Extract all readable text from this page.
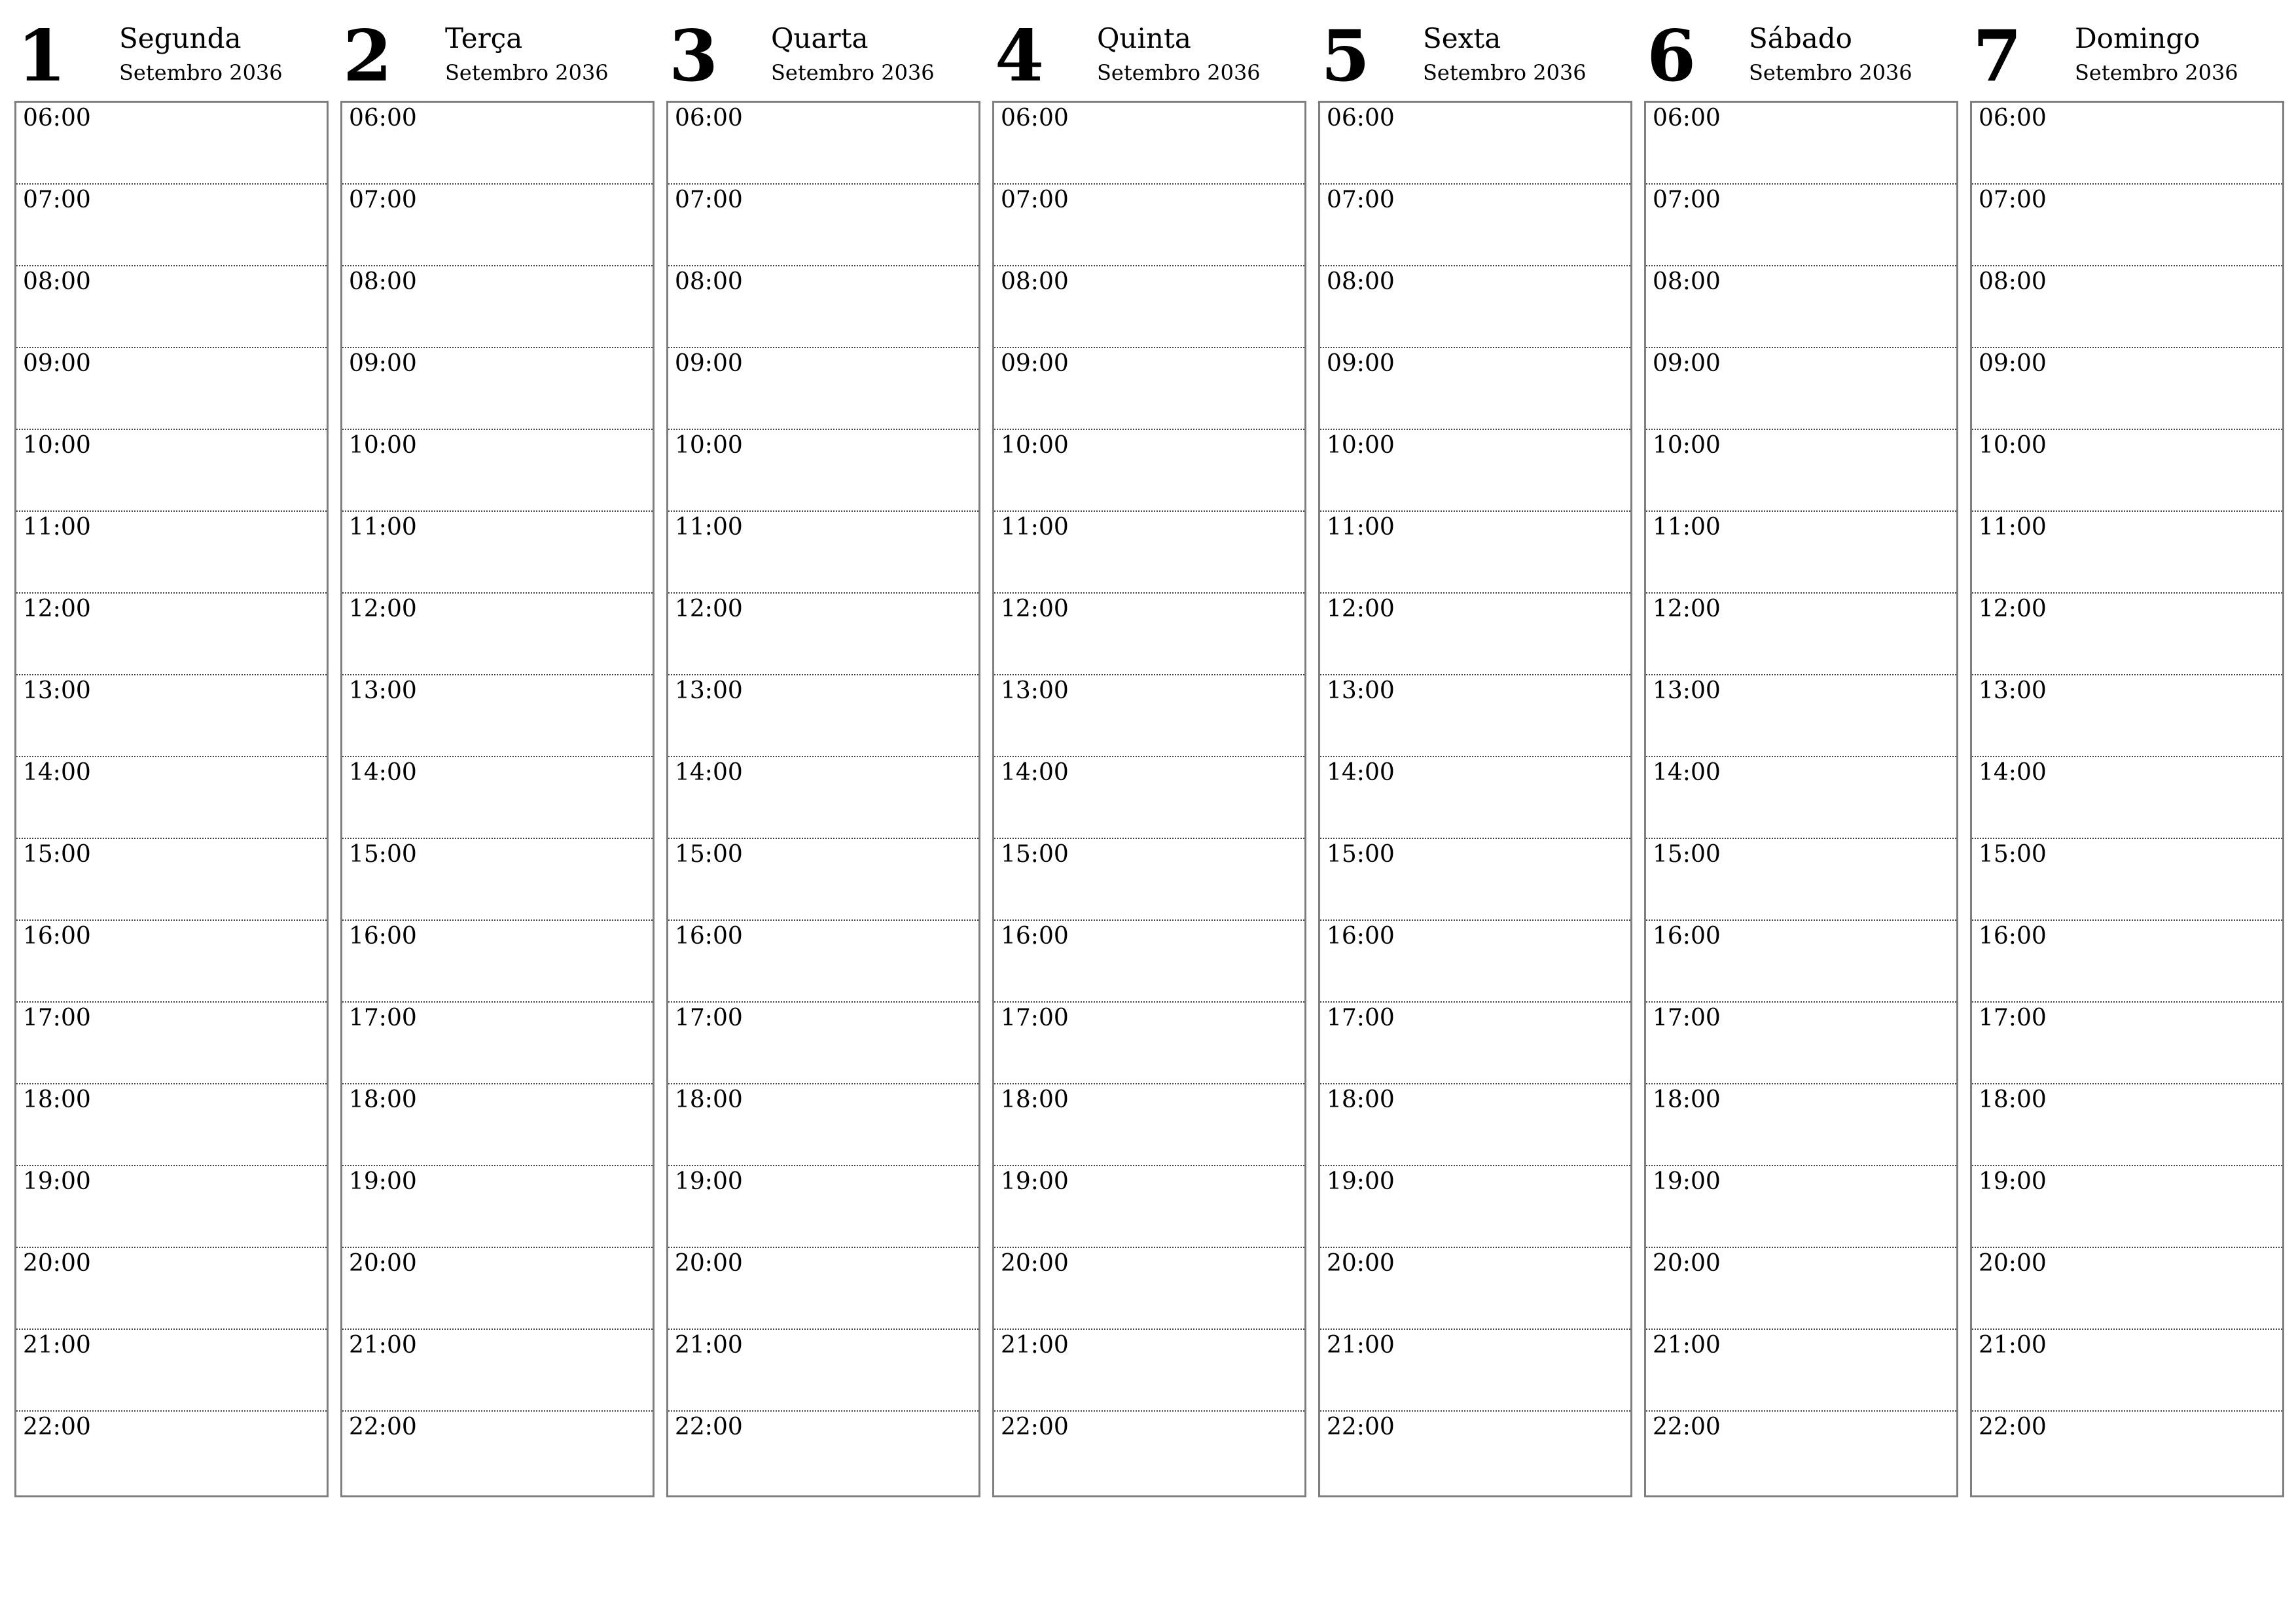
1 Segunda
Setembro 2036
06:00
07:00
08:00
09:00
10:00
11:00
12:00
13:00
14:00
15:00
16:00
17:00
18:00
19:00
20:00
21:00
22:00
2 Terça
Setembro 2036
06:00
07:00
08:00
09:00
10:00
11:00
12:00
13:00
14:00
15:00
16:00
17:00
18:00
19:00
20:00
21:00
22:00
3 Quarta
Setembro 2036
06:00
07:00
08:00
09:00
10:00
11:00
12:00
13:00
14:00
15:00
16:00
17:00
18:00
19:00
20:00
21:00
22:00
4 Quinta
Setembro 2036
06:00
07:00
08:00
09:00
10:00
11:00
12:00
13:00
14:00
15:00
16:00
17:00
18:00
19:00
20:00
21:00
22:00
5 Sexta
Setembro 2036
06:00
07:00
08:00
09:00
10:00
11:00
12:00
13:00
14:00
15:00
16:00
17:00
18:00
19:00
20:00
21:00
22:00
6 Sábado
Setembro 2036
06:00
07:00
08:00
09:00
10:00
11:00
12:00
13:00
14:00
15:00
16:00
17:00
18:00
19:00
20:00
21:00
22:00
7 Domingo
Setembro 2036
06:00
07:00
08:00
09:00
10:00
11:00
12:00
13:00
14:00
15:00
16:00
17:00
18:00
19:00
20:00
21:00
22:00
